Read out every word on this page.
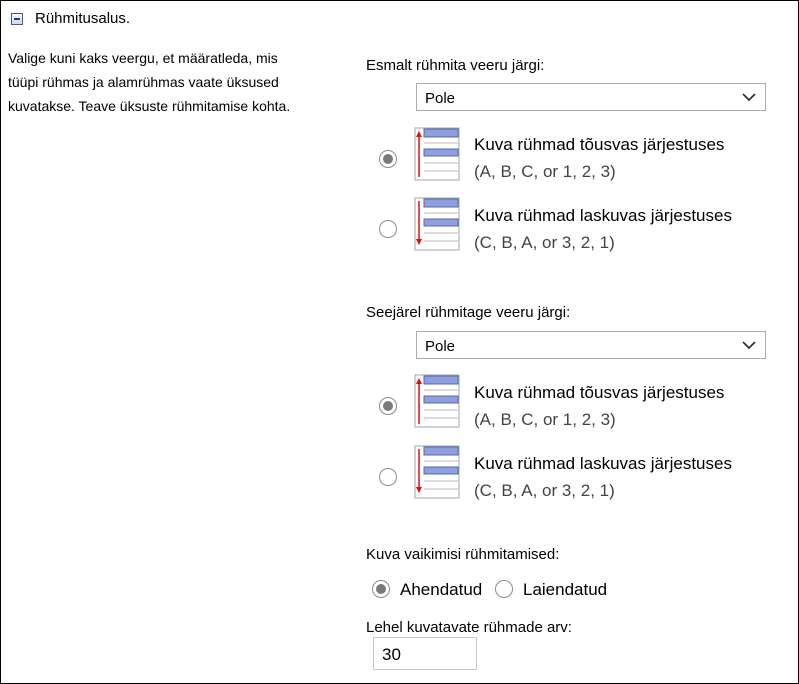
Rühmitusalus.
Valige kuni kaks veergu, et määratleda, mis tüüpi rühmas ja alamrühmas vaate üksused kuvatakse. Teave üksuste rühmitamise kohta.
Esmalt rühmita veeru järgi:
Pole
Kuva rühmad tõusvas järjestuses
(A, B, C, or 1, 2, 3)
Kuva rühmad laskuvas järjestuses
(C, B, A, or 3, 2, 1)
Seejärel rühmitage veeru järgi:
Pole
Kuva rühmad tõusvas järjestuses
(A, B, C, or 1, 2, 3)
Kuva rühmad laskuvas järjestuses
(C, B, A, or 3, 2, 1)
Kuva vaikimisi rühmitamised:
Ahendatud Laiendatud
Lehel kuvatavate rühmade arv:
30
